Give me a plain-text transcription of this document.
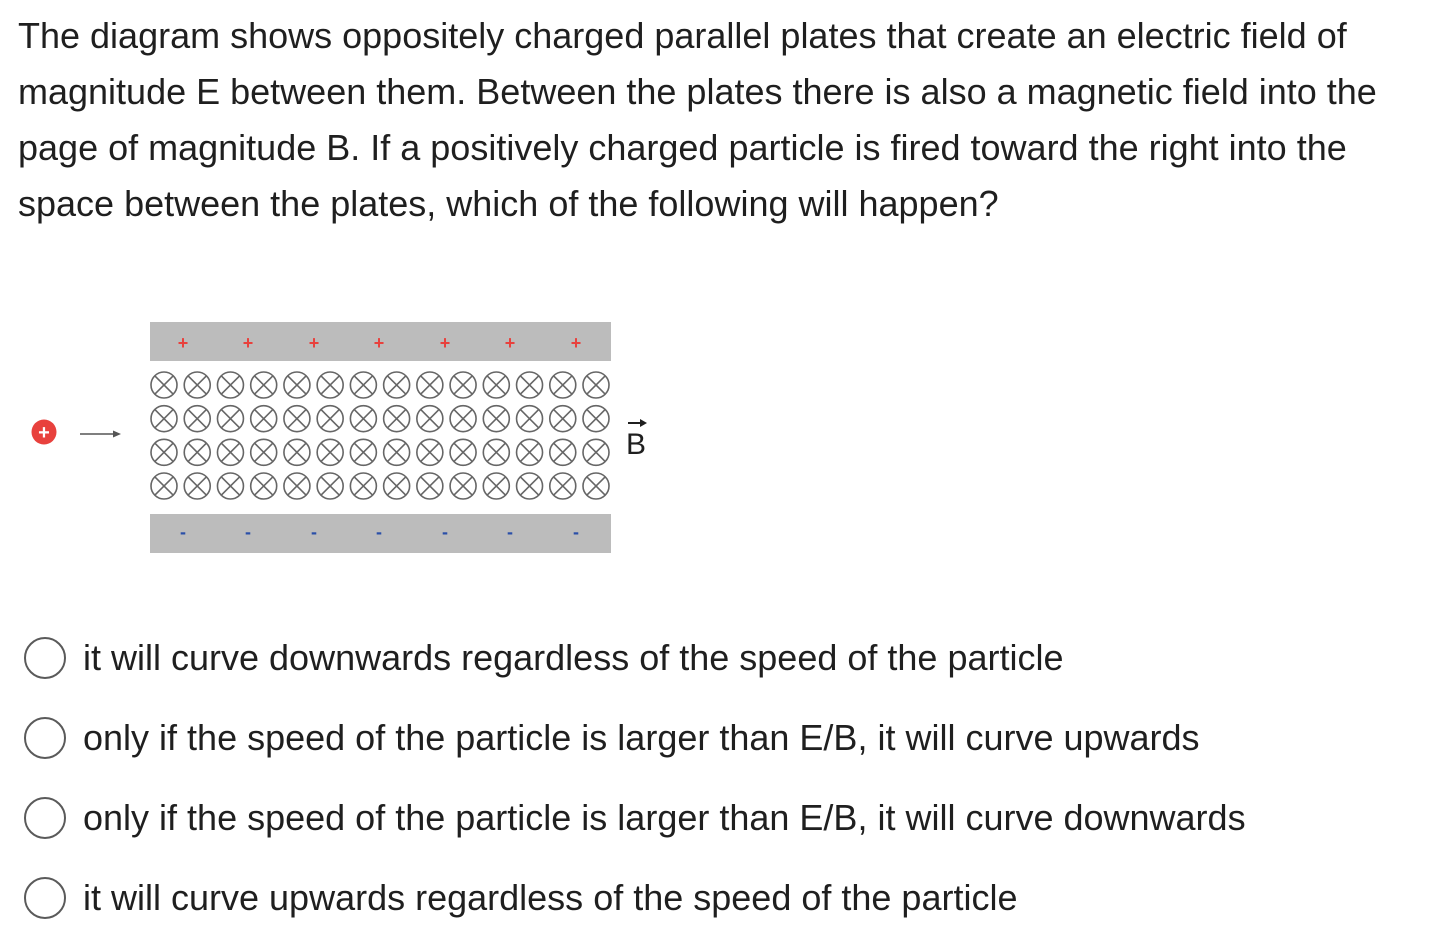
The diagram shows oppositely charged parallel plates that create an electric field of magnitude E between them. Between the plates there is also a magnetic field into the page of magnitude B. If a positively charged particle is fired toward the right into the space between the plates, which of the following will happen?
+	+	+	+	+	+	+
-	-	-	-	-	-	-
+	B
it will curve downwards regardless of the speed of the particle
only if the speed of the particle is larger than E/B, it will curve upwards
only if the speed of the particle is larger than E/B, it will curve downwards
it will curve upwards regardless of the speed of the particle
